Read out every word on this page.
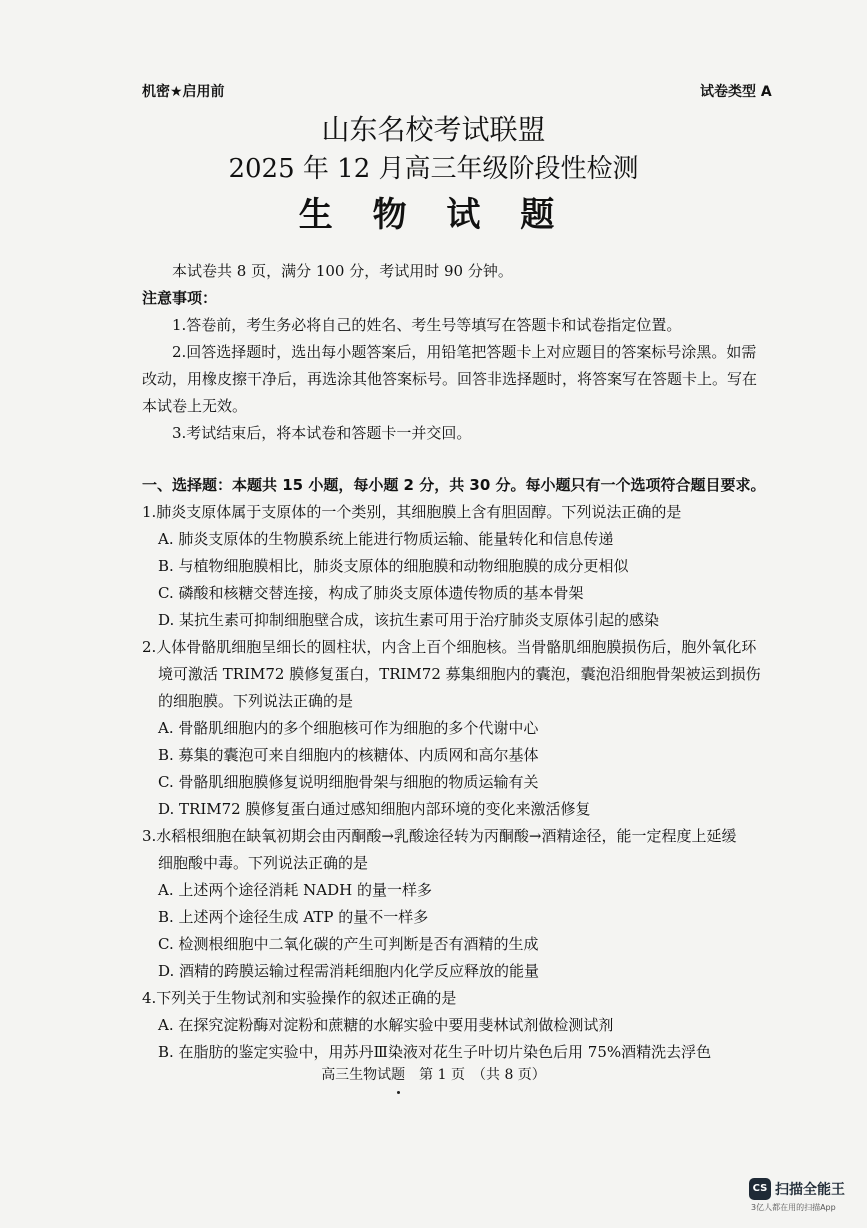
机密★启用前	试卷类型 A
山东名校考试联盟
2025 年 12 月高三年级阶段性检测
生 物 试 题
本试卷共 8 页，满分 100 分，考试用时 90 分钟。
注意事项：
1.答卷前，考生务必将自己的姓名、考生号等填写在答题卡和试卷指定位置。
2.回答选择题时，选出每小题答案后，用铅笔把答题卡上对应题目的答案标号涂黑。如需
改动，用橡皮擦干净后，再选涂其他答案标号。回答非选择题时，将答案写在答题卡上。写在
本试卷上无效。
3.考试结束后，将本试卷和答题卡一并交回。
一、选择题：本题共 15 小题，每小题 2 分，共 30 分。每小题只有一个选项符合题目要求。
1.肺炎支原体属于支原体的一个类别，其细胞膜上含有胆固醇。下列说法正确的是
A. 肺炎支原体的生物膜系统上能进行物质运输、能量转化和信息传递
B. 与植物细胞膜相比，肺炎支原体的细胞膜和动物细胞膜的成分更相似
C. 磷酸和核糖交替连接，构成了肺炎支原体遗传物质的基本骨架
D. 某抗生素可抑制细胞壁合成，该抗生素可用于治疗肺炎支原体引起的感染
2.人体骨骼肌细胞呈细长的圆柱状，内含上百个细胞核。当骨骼肌细胞膜损伤后，胞外氧化环
境可激活 TRIM72 膜修复蛋白，TRIM72 募集细胞内的囊泡，囊泡沿细胞骨架被运到损伤
的细胞膜。下列说法正确的是
A. 骨骼肌细胞内的多个细胞核可作为细胞的多个代谢中心
B. 募集的囊泡可来自细胞内的核糖体、内质网和高尔基体
C. 骨骼肌细胞膜修复说明细胞骨架与细胞的物质运输有关
D. TRIM72 膜修复蛋白通过感知细胞内部环境的变化来激活修复
3.水稻根细胞在缺氧初期会由丙酮酸→乳酸途径转为丙酮酸→酒精途径，能一定程度上延缓
细胞酸中毒。下列说法正确的是
A. 上述两个途径消耗 NADH 的量一样多
B. 上述两个途径生成 ATP 的量不一样多
C. 检测根细胞中二氧化碳的产生可判断是否有酒精的生成
D. 酒精的跨膜运输过程需消耗细胞内化学反应释放的能量
4.下列关于生物试剂和实验操作的叙述正确的是
A. 在探究淀粉酶对淀粉和蔗糖的水解实验中要用斐林试剂做检测试剂
B. 在脂肪的鉴定实验中，用苏丹Ⅲ染液对花生子叶切片染色后用 75%酒精洗去浮色
高三生物试题　第 1 页　（共 8 页）
CS 扫描全能王
3亿人都在用的扫描App
